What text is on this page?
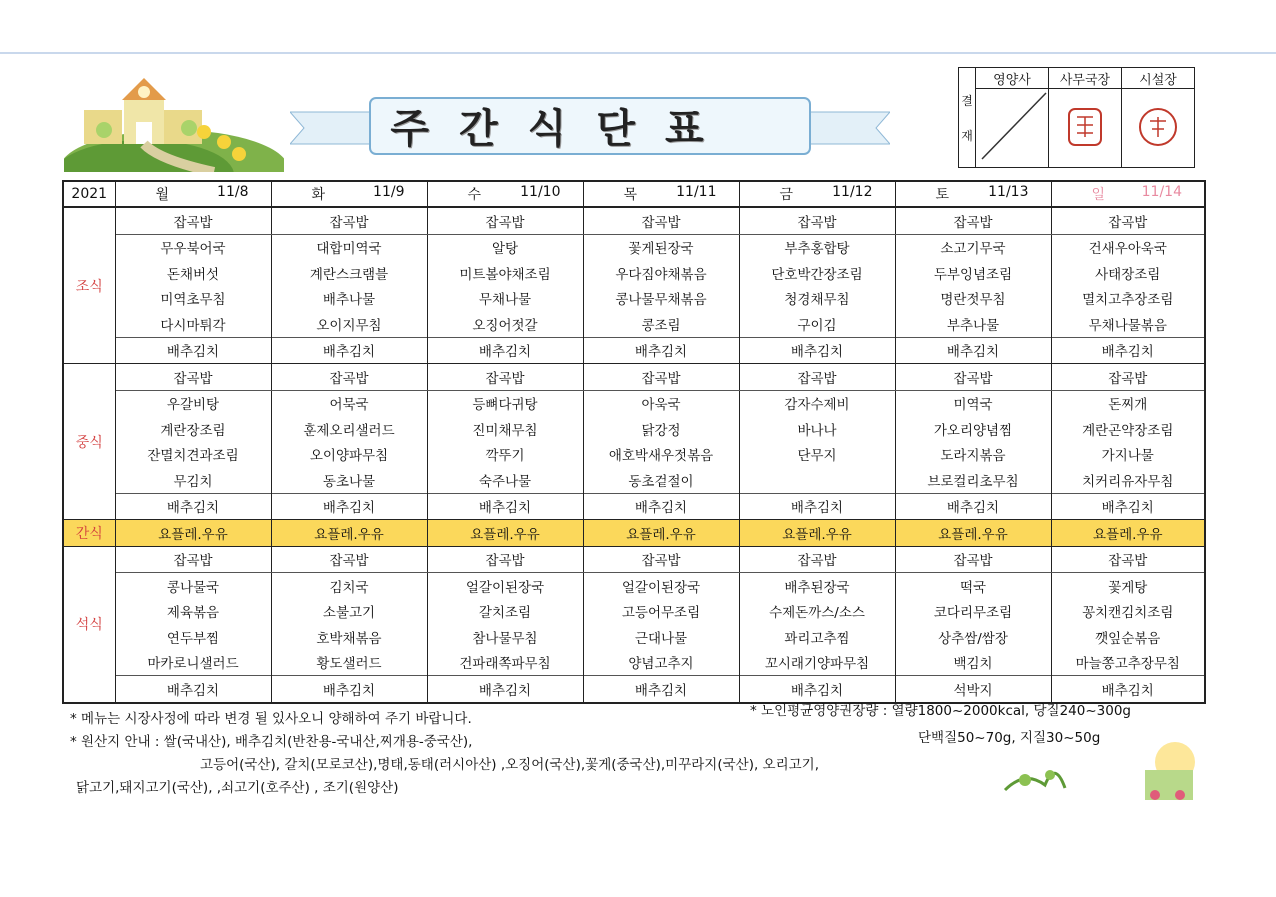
주간식단표
결
재	영양사	사무국장	시설장

2021	월 11/8	화 11/9	수 11/10	목 11/11	금 11/12	토 11/13	일 11/14

조식	잡곡밥	잡곡밥	잡곡밥	잡곡밥	잡곡밥	잡곡밥	잡곡밥
	무우북어국	대합미역국	알탕	꽃게된장국	부추홍합탕	소고기무국	건새우아욱국
	돈채버섯	계란스크램블	미트볼야채조림	우다짐야채볶음	단호박간장조림	두부잉념조림	사태장조림
	미역초무침	배추나물	무채나물	콩나물무채볶음	청경채무침	명란젓무침	멸치고추장조림
	다시마튀각	오이지무침	오징어젓갈	콩조림	구이김	부추나물	무채나물볶음
	배추김치	배추김치	배추김치	배추김치	배추김치	배추김치	배추김치
중식	잡곡밥	잡곡밥	잡곡밥	잡곡밥	잡곡밥	잡곡밥	잡곡밥
	우갈비탕	어묵국	등뼈다귀탕	아욱국	감자수제비	미역국	돈찌개
	계란장조림	훈제오리샐러드	진미채무침	닭강정	바나나	가오리양념찜	계란곤약장조림
	잔멸치견과조림	오이양파무침	깍뚜기	애호박새우젓볶음	단무지	도라지볶음	가지나물
	무김치	동초나물	숙주나물	동초겉절이		브로컬리초무침	치커리유자무침
	배추김치	배추김치	배추김치	배추김치	배추김치	배추김치	배추김치
간식	요플레.우유	요플레.우유	요플레.우유	요플레.우유	요플레.우유	요플레.우유	요플레.우유
석식	잡곡밥	잡곡밥	잡곡밥	잡곡밥	잡곡밥	잡곡밥	잡곡밥
	콩나물국	김치국	얼갈이된장국	얼갈이된장국	배추된장국	떡국	꽃게탕
	제육볶음	소불고기	갈치조림	고등어무조림	수제돈까스/소스	코다리무조림	꽁치캔김치조림
	연두부찜	호박채볶음	참나물무침	근대나물	꽈리고추찜	상추쌈/쌈장	깻잎순볶음
	마카로니샐러드	황도샐러드	건파래쪽파무침	양념고추지	꼬시래기양파무침	백김치	마늘쫑고추장무침
	배추김치	배추김치	배추김치	배추김치	배추김치	석박지	배추김치
* 메뉴는 시장사정에 따라 변경 될 있사오니 양해하여 주기 바랍니다.
* 원산지 안내 : 쌀(국내산), 배추김치(반찬용-국내산,찌개용-중국산),
고등어(국산), 갈치(모로코산),명태,동태(러시아산) ,오징어(국산),꽃게(중국산),미꾸라지(국산), 오리고기,
닭고기,돼지고기(국산), ,쇠고기(호주산) , 조기(원양산)
* 노인평균영양권장량 : 열량1800~2000kcal, 당질240~300g
단백질50~70g, 지질30~50g
